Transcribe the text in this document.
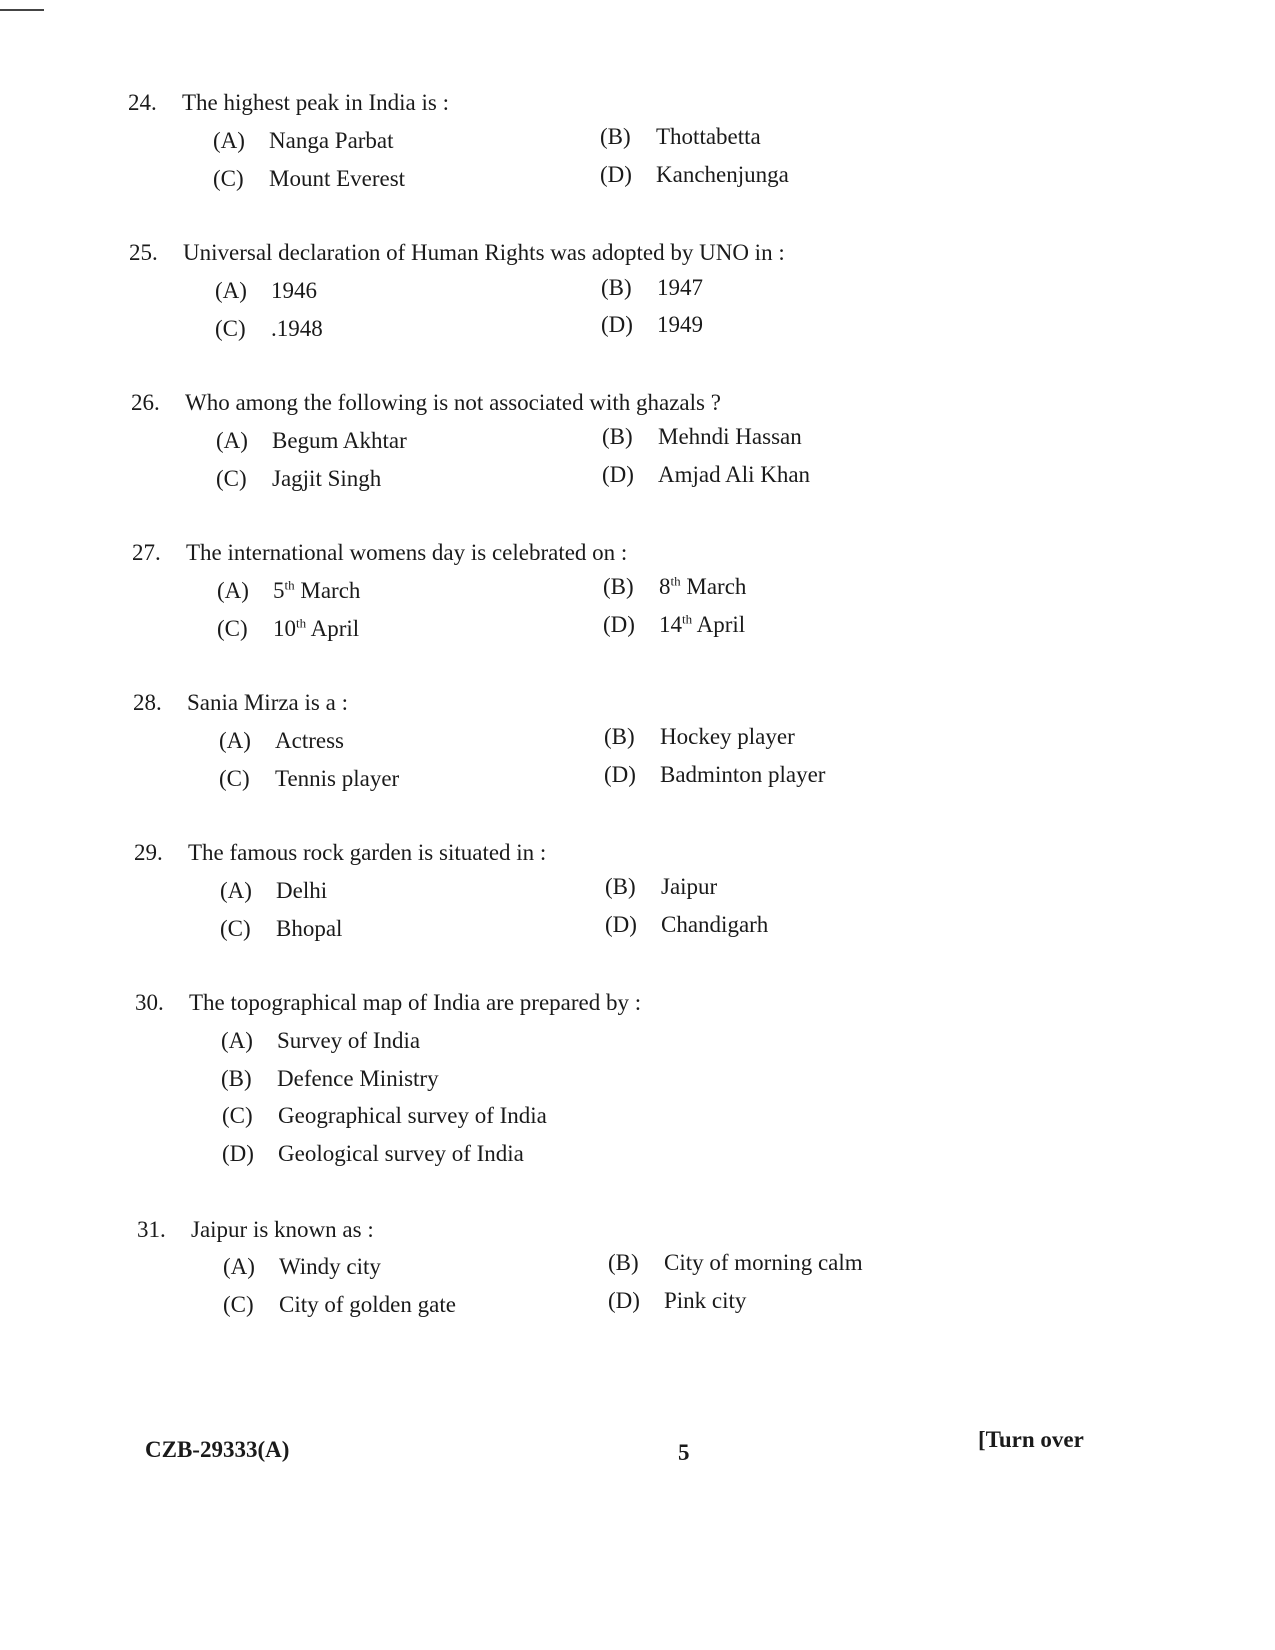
24. The highest peak in India is :
(A) Nanga Parbat	(B) Thottabetta
(C) Mount Everest	(D) Kanchenjunga
25. Universal declaration of Human Rights was adopted by UNO in :
(A) 1946	(B) 1947
(C) .1948	(D) 1949
26. Who among the following is not associated with ghazals ?
(A) Begum Akhtar	(B) Mehndi Hassan
(C) Jagjit Singh	(D) Amjad Ali Khan
27. The international womens day is celebrated on :
(A) 5th March	(B) 8th March
(C) 10th April	(D) 14th April
28. Sania Mirza is a :
(A) Actress	(B) Hockey player
(C) Tennis player	(D) Badminton player
29. The famous rock garden is situated in :
(A) Delhi	(B) Jaipur
(C) Bhopal	(D) Chandigarh
30. The topographical map of India are prepared by :
(A) Survey of India
(B) Defence Ministry
(C) Geographical survey of India
(D) Geological survey of India
31. Jaipur is known as :
(A) Windy city	(B) City of morning calm
(C) City of golden gate	(D) Pink city
CZB-29333(A)	5
[Turn over
